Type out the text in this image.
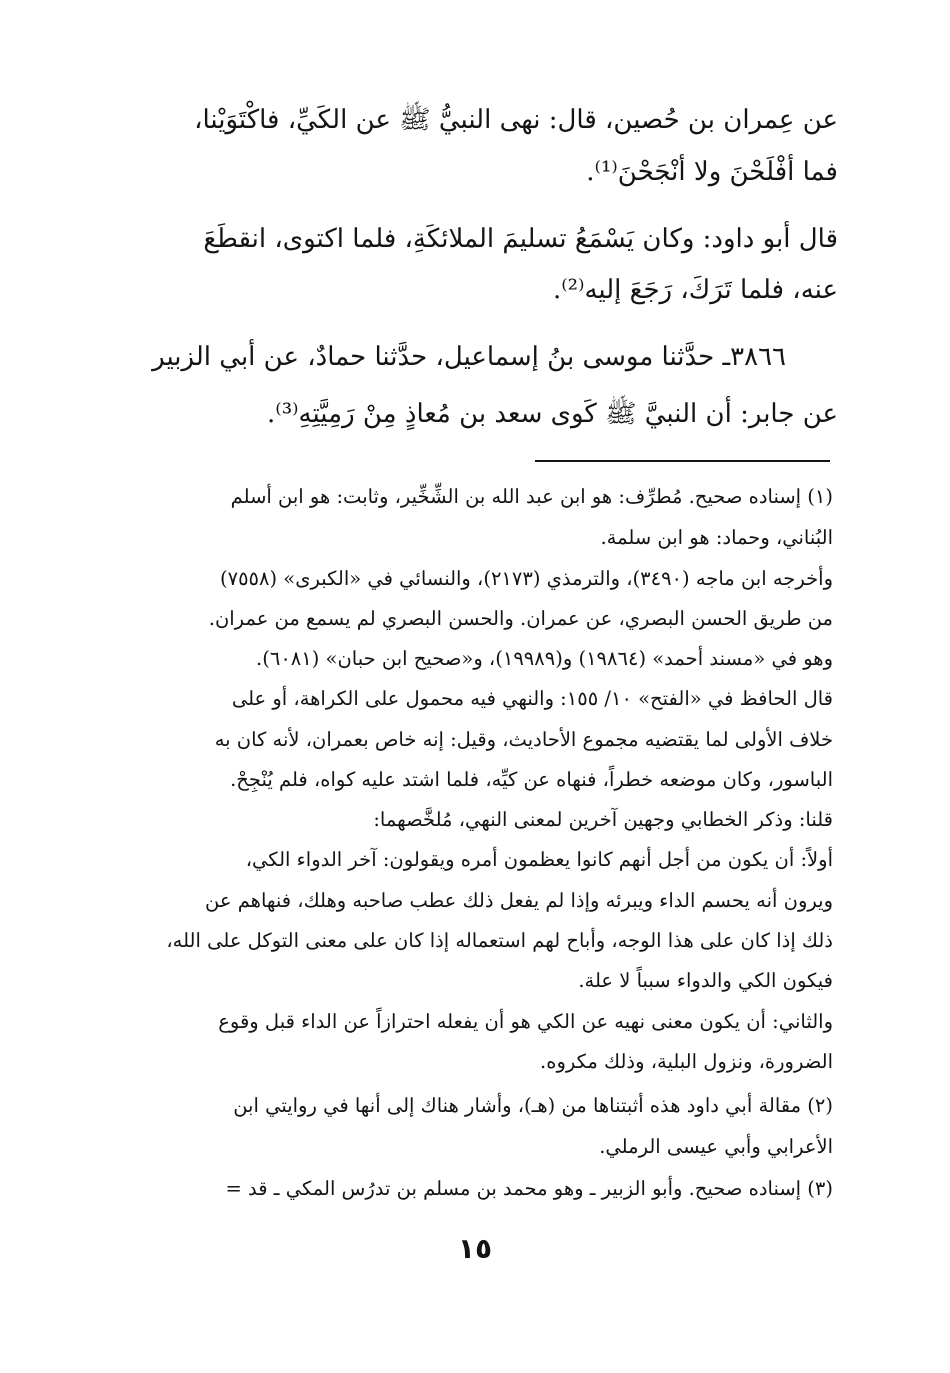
عن عِمران بن حُصين، قال: نهى النبيُّ ﷺ عن الكَيِّ، فاكْتَوَيْنا،

فما أفْلَحْنَ ولا أنْجَحْنَ⁽¹⁾.

قال أبو داود: وكان يَسْمَعُ تسليمَ الملائكَةِ، فلما اكتوى، انقطَعَ

عنه، فلما تَرَكَ، رَجَعَ إليه⁽²⁾.

٣٨٦٦ـ حدَّثنا موسى بنُ إسماعيل، حدَّثنا حمادٌ، عن أبي الزبير

عن جابر: أن النبيَّ ﷺ كَوى سعد بن مُعاذٍ مِنْ رَمِيَّتِهِ⁽³⁾.

(١) إسناده صحيح. مُطرِّف: هو ابن عبد الله بن الشِّخِّير، وثابت: هو ابن أسلم

البُناني، وحماد: هو ابن سلمة.

وأخرجه ابن ماجه (٣٤٩٠)، والترمذي (٢١٧٣)، والنسائي في «الكبرى» (٧٥٥٨)

من طريق الحسن البصري، عن عمران. والحسن البصري لم يسمع من عمران.

وهو في «مسند أحمد» (١٩٨٦٤) و(١٩٩٨٩)، و«صحيح ابن حبان» (٦٠٨١).

قال الحافظ في «الفتح» ١٠/ ١٥٥: والنهي فيه محمول على الكراهة، أو على

خلاف الأولى لما يقتضيه مجموع الأحاديث، وقيل: إنه خاص بعمران، لأنه كان به

الباسور، وكان موضعه خطراً، فنهاه عن كيِّه، فلما اشتد عليه كواه، فلم يُنْجِحْ.

قلنا: وذكر الخطابي وجهين آخرين لمعنى النهي، مُلخَّصهما:

أولاً: أن يكون من أجل أنهم كانوا يعظمون أمره ويقولون: آخر الدواء الكي،

ويرون أنه يحسم الداء ويبرئه وإذا لم يفعل ذلك عطب صاحبه وهلك، فنهاهم عن

ذلك إذا كان على هذا الوجه، وأباح لهم استعماله إذا كان على معنى التوكل على الله،

فيكون الكي والدواء سبباً لا علة.

والثاني: أن يكون معنى نهيه عن الكي هو أن يفعله احترازاً عن الداء قبل وقوع

الضرورة، ونزول البلية، وذلك مكروه.

(٢) مقالة أبي داود هذه أثبتناها من (هـ)، وأشار هناك إلى أنها في روايتي ابن

الأعرابي وأبي عيسى الرملي.

(٣) إسناده صحيح. وأبو الزبير ـ وهو محمد بن مسلم بن تدرُس المكي ـ قد =

١٥
